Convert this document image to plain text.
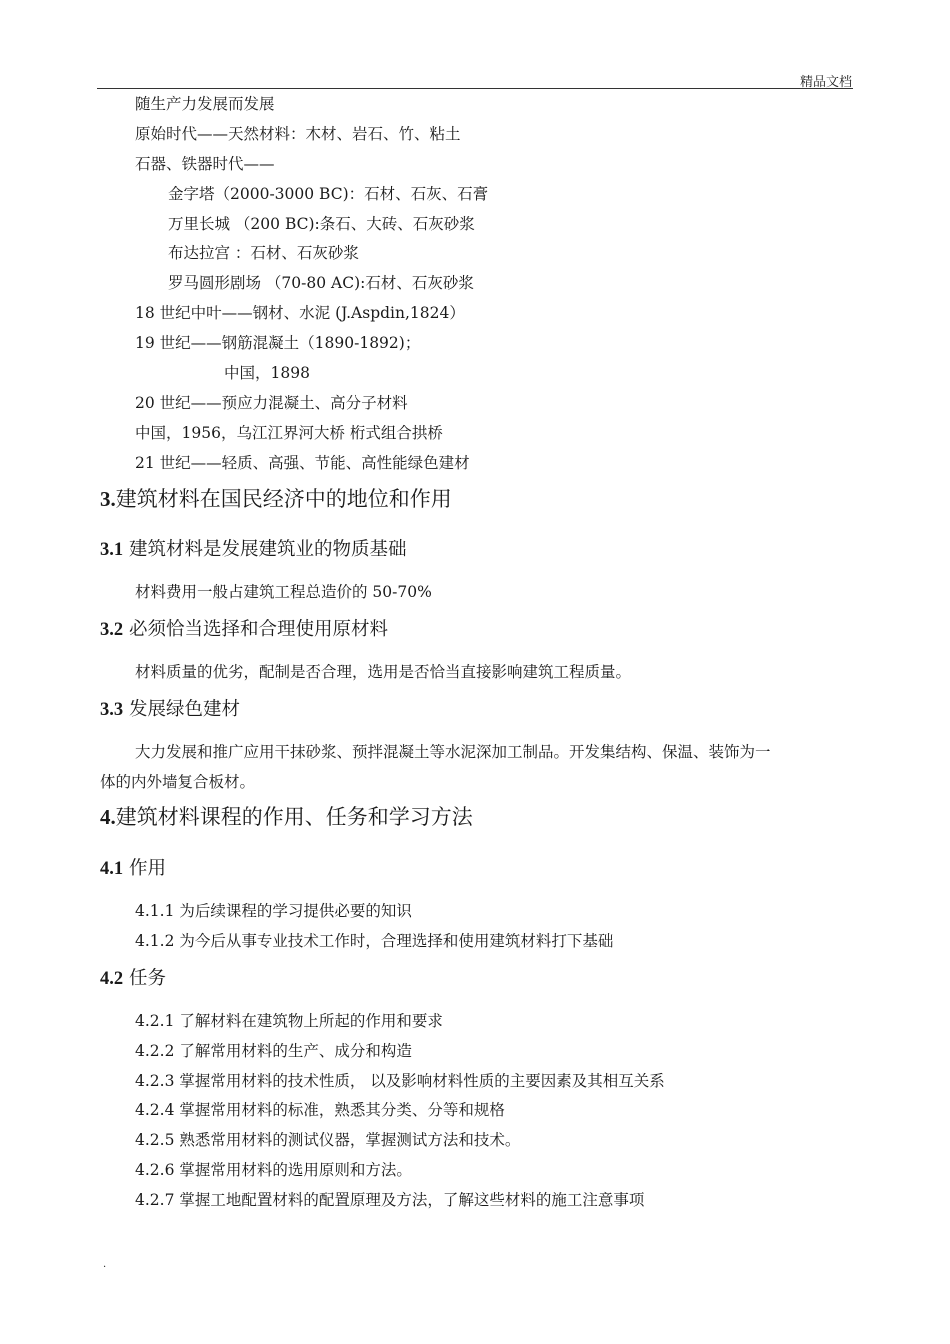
精品文档
随生产力发展而发展
原始时代——天然材料：木材、岩石、竹、粘土
石器、铁器时代——
金字塔（2000-3000 BC)：石材、石灰、石膏
万里长城 （200 BC):条石、大砖、石灰砂浆
布达拉宫 ：石材、石灰砂浆
罗马圆形剧场 （70-80 AC):石材、石灰砂浆
18 世纪中叶——钢材、水泥 (J.Aspdin,1824）
19 世纪——钢筋混凝土（1890-1892)；
中国，1898
20 世纪——预应力混凝土、高分子材料
中国，1956，乌江江界河大桥 桁式组合拱桥
21 世纪——轻质、高强、节能、高性能绿色建材
3.建筑材料在国民经济中的地位和作用
3.1 建筑材料是发展建筑业的物质基础
材料费用一般占建筑工程总造价的 50-70%
3.2 必须恰当选择和合理使用原材料
材料质量的优劣，配制是否合理，选用是否恰当直接影响建筑工程质量。
3.3 发展绿色建材
大力发展和推广应用干抹砂浆、预拌混凝土等水泥深加工制品。开发集结构、保温、装饰为一
体的内外墙复合板材。
4.建筑材料课程的作用、任务和学习方法
4.1 作用
4.1.1 为后续课程的学习提供必要的知识
4.1.2 为今后从事专业技术工作时，合理选择和使用建筑材料打下基础
4.2 任务
4.2.1 了解材料在建筑物上所起的作用和要求
4.2.2 了解常用材料的生产、成分和构造
4.2.3 掌握常用材料的技术性质， 以及影响材料性质的主要因素及其相互关系
4.2.4 掌握常用材料的标准，熟悉其分类、分等和规格
4.2.5 熟悉常用材料的测试仪器，掌握测试方法和技术。
4.2.6 掌握常用材料的选用原则和方法。
4.2.7 掌握工地配置材料的配置原理及方法，了解这些材料的施工注意事项
.
